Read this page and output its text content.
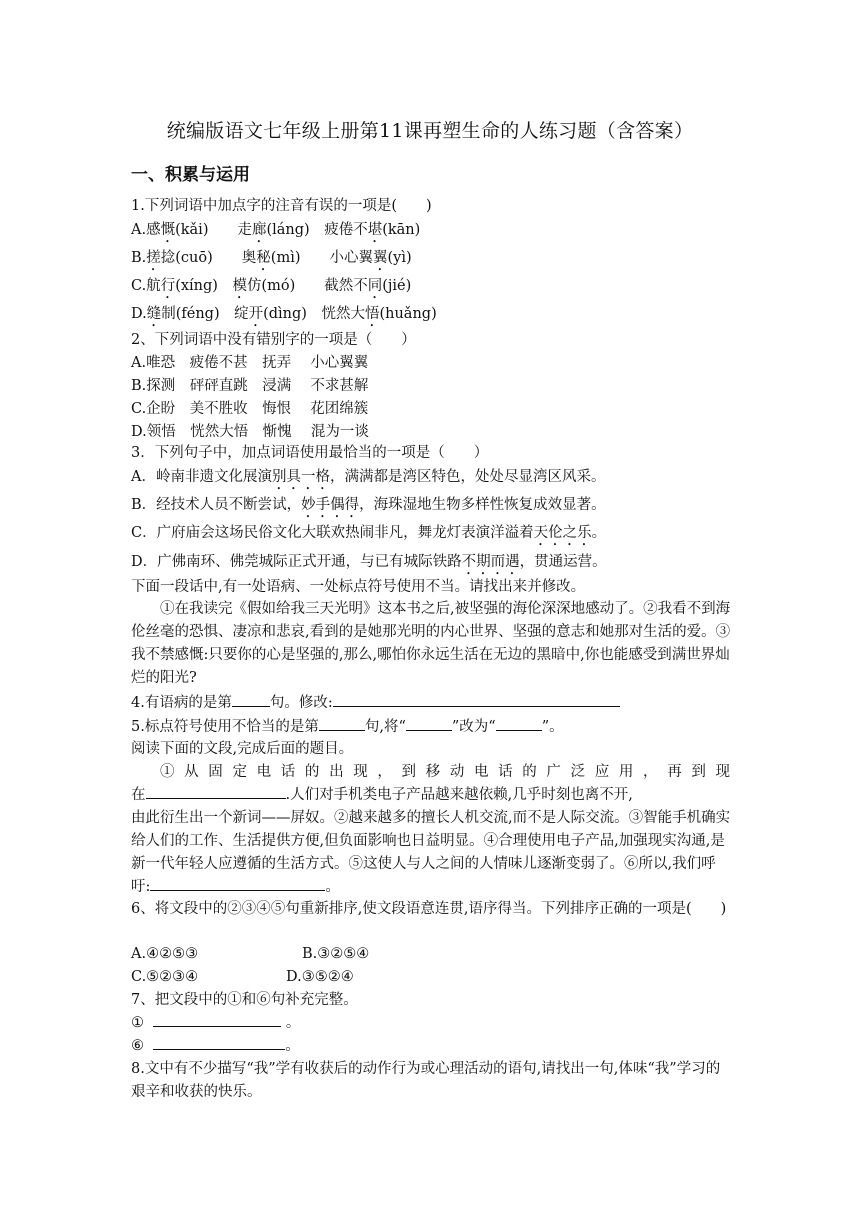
统编版语文七年级上册第11课再塑生命的人练习题（含答案）
一、积累与运用
1.下列词语中加点字的注音有误的一项是(　　)
A.感慨(kǎi)　　走廊(láng)　疲倦不堪(kān)
B.搓捻(cuō)　　奥秘(mì)　　小心翼翼(yì)
C.航行(xíng)　模仿(mó)　　截然不同(jié)
D.缝制(féng)　绽开(dìng)　恍然大悟(huǎng)
2、下列词语中没有错别字的一项是（　　）
A.唯恐　疲倦不甚　抚弄　 小心翼翼
B.探测　砰砰直跳　浸满　 不求甚解
C.企盼　美不胜收　悔恨　 花团绵簇
D.领悟　恍然大悟　惭愧　 混为一谈
3．下列句子中，加点词语使用最恰当的一项是（　　）
A．岭南非遗文化展演别具一格，满满都是湾区特色，处处尽显湾区风采。
B．经技术人员不断尝试，妙手偶得，海珠湿地生物多样性恢复成效显著。
C．广府庙会这场民俗文化大联欢热闹非凡，舞龙灯表演洋溢着天伦之乐。
D．广佛南环、佛莞城际正式开通，与已有城际铁路不期而遇，贯通运营。
下面一段话中,有一处语病、一处标点符号使用不当。请找出来并修改。
①在我读完《假如给我三天光明》这本书之后,被坚强的海伦深深地感动了。②我看不到海伦丝毫的恐惧、凄凉和悲哀,看到的是她那光明的内心世界、坚强的意志和她那对生活的爱。③我不禁感慨:只要你的心是坚强的,那么,哪怕你永远生活在无边的黑暗中,你也能感受到满世界灿烂的阳光?
4.有语病的是第	句。修改:
5.标点符号使用不恰当的是第	句,将“	”改为“	”。
阅读下面的文段,完成后面的题目。
①从固定电话的出现，到移动电话的广泛应用，再到现
在	.人们对手机类电子产品越来越依赖,几乎时刻也离不开,
由此衍生出一个新词——屏奴。②越来越多的擅长人机交流,而不是人际交流。③智能手机确实给人们的工作、生活提供方便,但负面影响也日益明显。④合理使用电子产品,加强现实沟通,是新一代年轻人应遵循的生活方式。⑤这使人与人之间的人情味儿逐渐变弱了。⑥所以,我们呼吁:	。
6、将文段中的②③④⑤句重新排序,使文段语意连贯,语序得当。下列排序正确的一项是(　　)
A.④②⑤③	B.③②⑤④
C.⑤②③④	D.③⑤②④
7、把文段中的①和⑥句补充完整。
①	。
⑥	。
8.文中有不少描写“我”学有收获后的动作行为或心理活动的语句,请找出一句,体味“我”学习的艰辛和收获的快乐。
